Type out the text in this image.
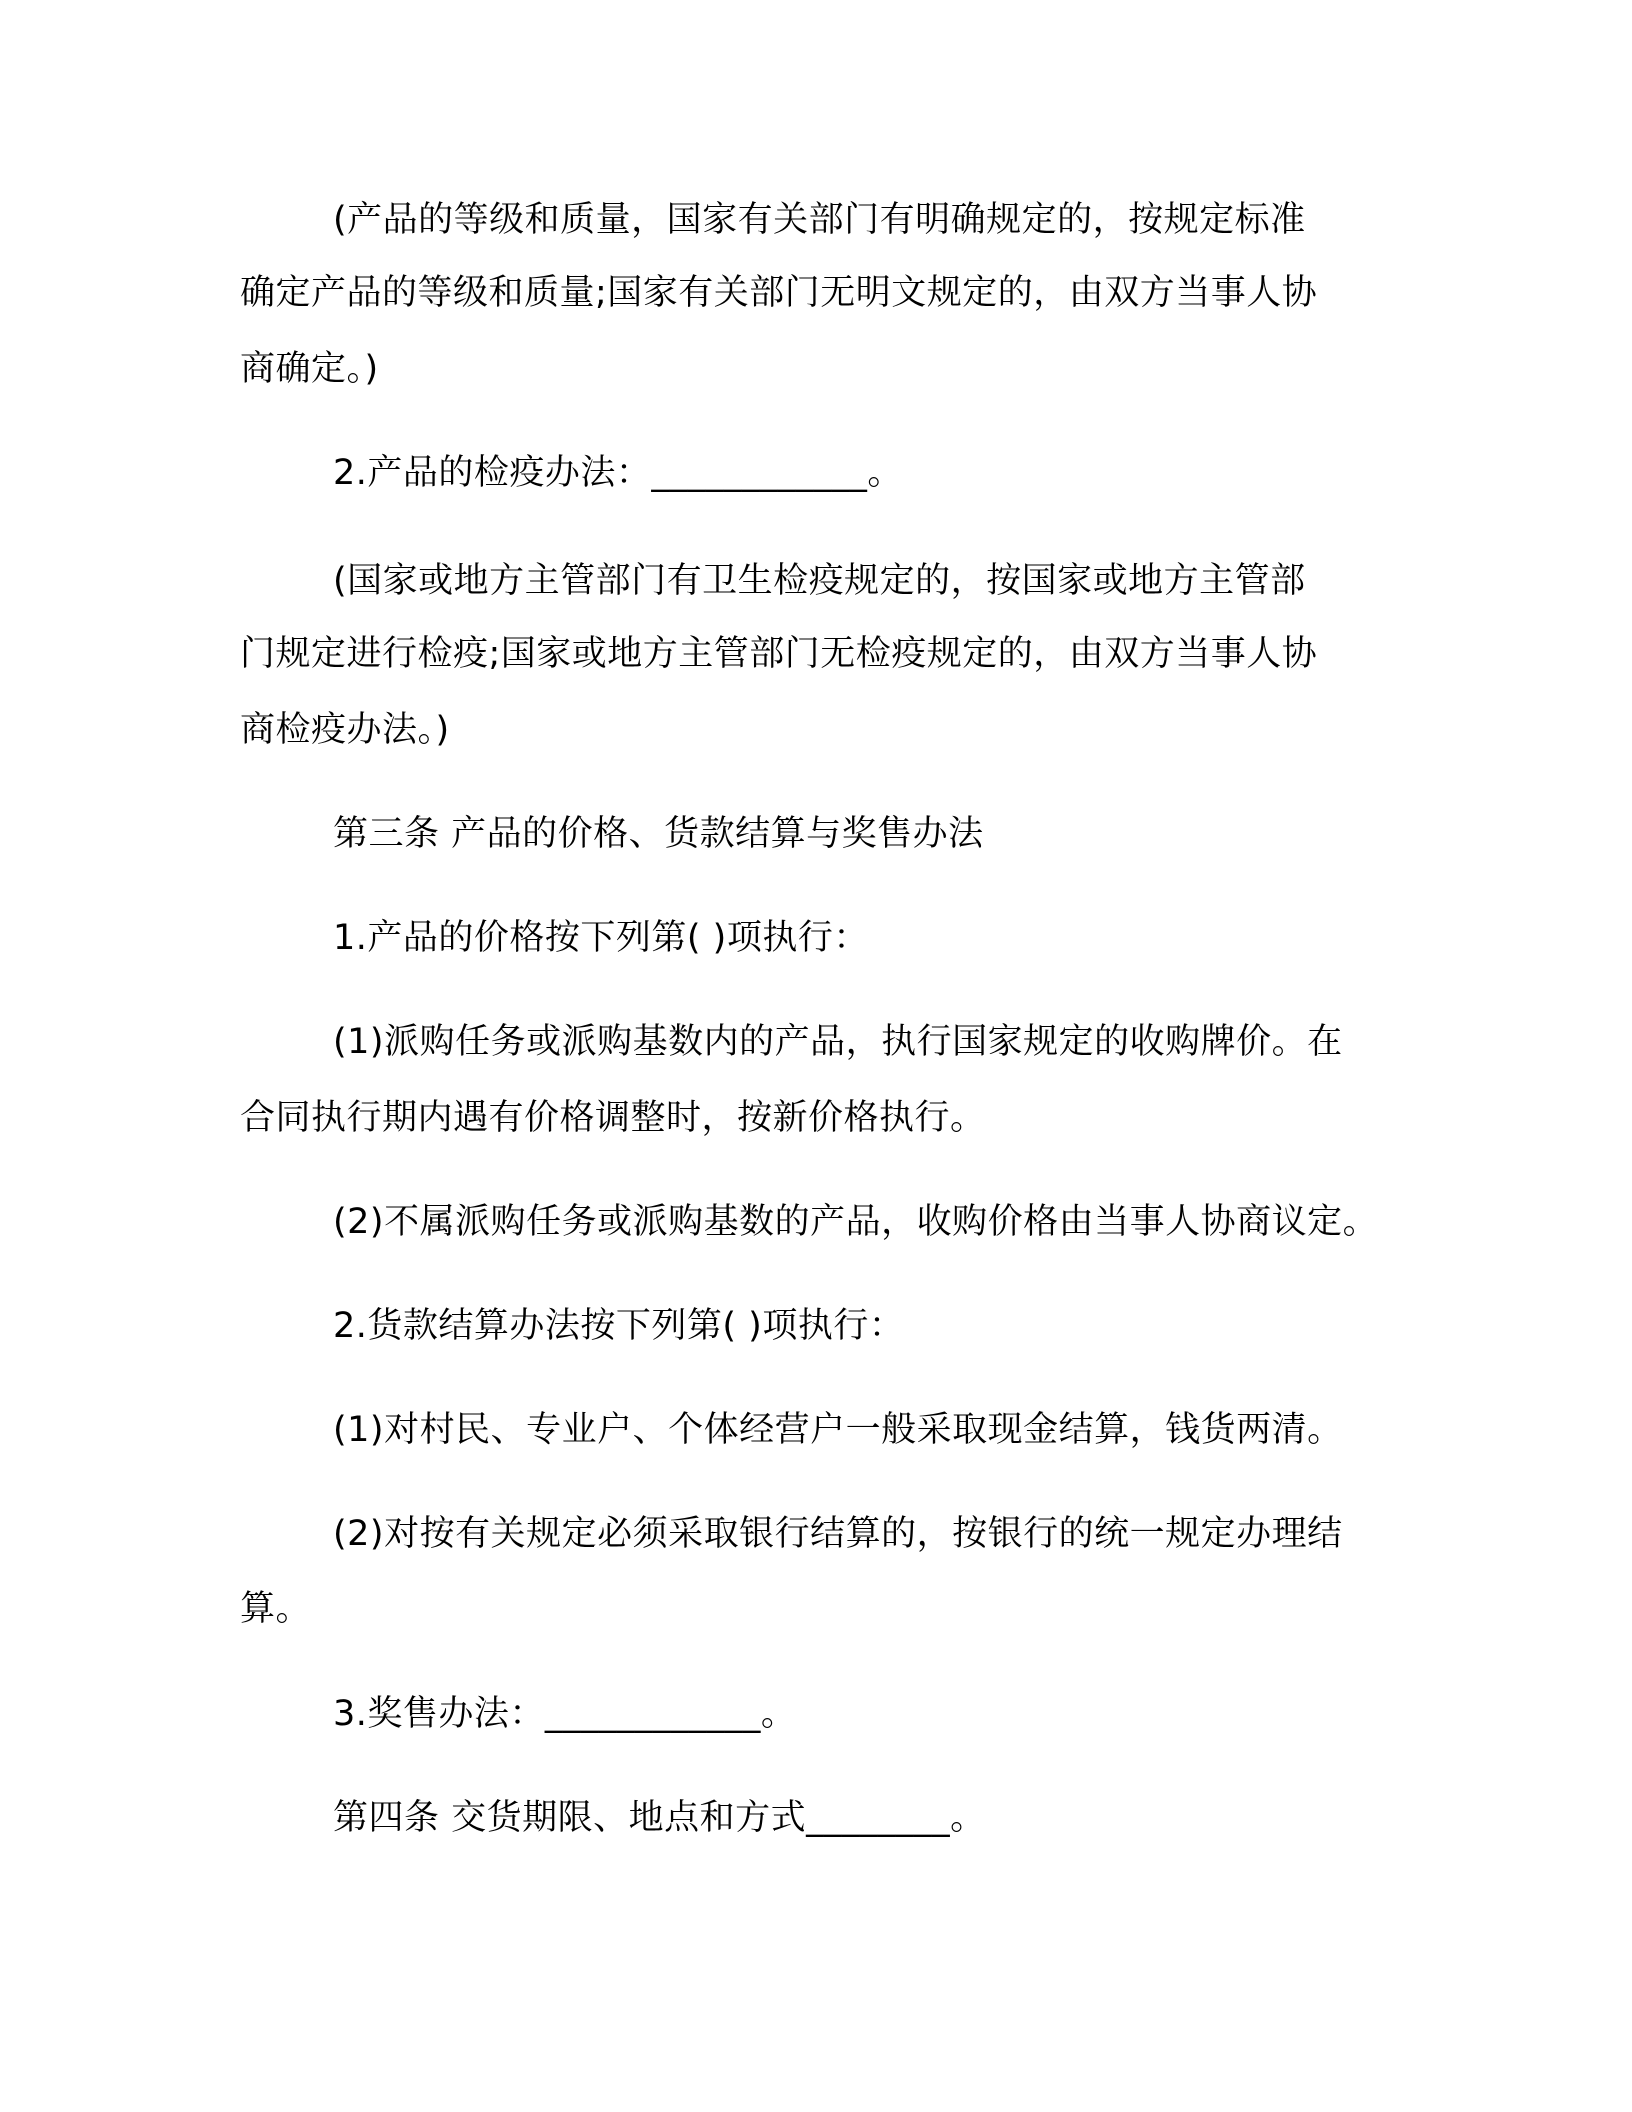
(产品的等级和质量，国家有关部门有明确规定的，按规定标准
确定产品的等级和质量;国家有关部门无明文规定的，由双方当事人协
商确定。)
2.产品的检疫办法：____________。
(国家或地方主管部门有卫生检疫规定的，按国家或地方主管部
门规定进行检疫;国家或地方主管部门无检疫规定的，由双方当事人协
商检疫办法。)
第三条 产品的价格、货款结算与奖售办法
1.产品的价格按下列第( )项执行：
(1)派购任务或派购基数内的产品，执行国家规定的收购牌价。在
合同执行期内遇有价格调整时，按新价格执行。
(2)不属派购任务或派购基数的产品，收购价格由当事人协商议定。
2.货款结算办法按下列第( )项执行：
(1)对村民、专业户、个体经营户一般采取现金结算，钱货两清。
(2)对按有关规定必须采取银行结算的，按银行的统一规定办理结
算。
3.奖售办法：____________。
第四条 交货期限、地点和方式________。
